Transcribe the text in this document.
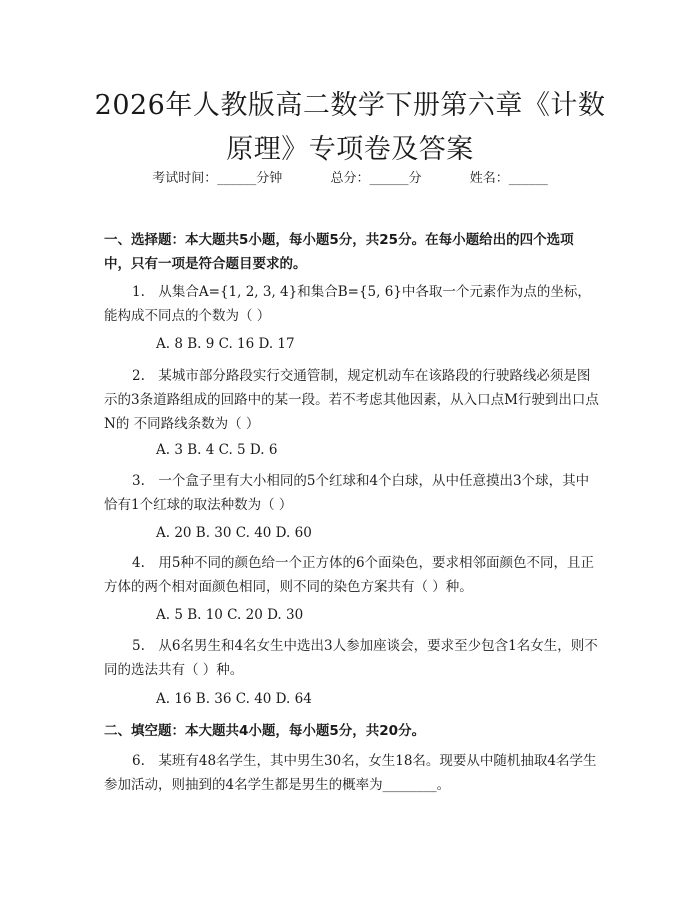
2026年人教版高二数学下册第六章《计数原理》专项卷及答案
考试时间：______分钟	总分：______分	姓名：______
一、选择题：本大题共5小题，每小题5分，共25分。在每小题给出的四个选项中，只有一项是符合题目要求的。
1.　从集合A={1, 2, 3, 4}和集合B={5, 6}中各取一个元素作为点的坐标，能构成不同点的个数为（ ）
A. 8 B. 9 C. 16 D. 17
2.　某城市部分路段实行交通管制，规定机动车在该路段的行驶路线必须是图示的3条道路组成的回路中的某一段。若不考虑其他因素，从入口点M行驶到出口点N的 不同路线条数为（ ）
A. 3 B. 4 C. 5 D. 6
3.　一个盒子里有大小相同的5个红球和4个白球，从中任意摸出3个球，其中恰有1个红球的取法种数为（ ）
A. 20 B. 30 C. 40 D. 60
4.　用5种不同的颜色给一个正方体的6个面染色，要求相邻面颜色不同，且正方体的两个相对面颜色相同，则不同的染色方案共有（ ）种。
A. 5 B. 10 C. 20 D. 30
5.　从6名男生和4名女生中选出3人参加座谈会，要求至少包含1名女生，则不同的选法共有（ ）种。
A. 16 B. 36 C. 40 D. 64
二、填空题：本大题共4小题，每小题5分，共20分。
6.　某班有48名学生，其中男生30名，女生18名。现要从中随机抽取4名学生参加活动，则抽到的4名学生都是男生的概率为________。
